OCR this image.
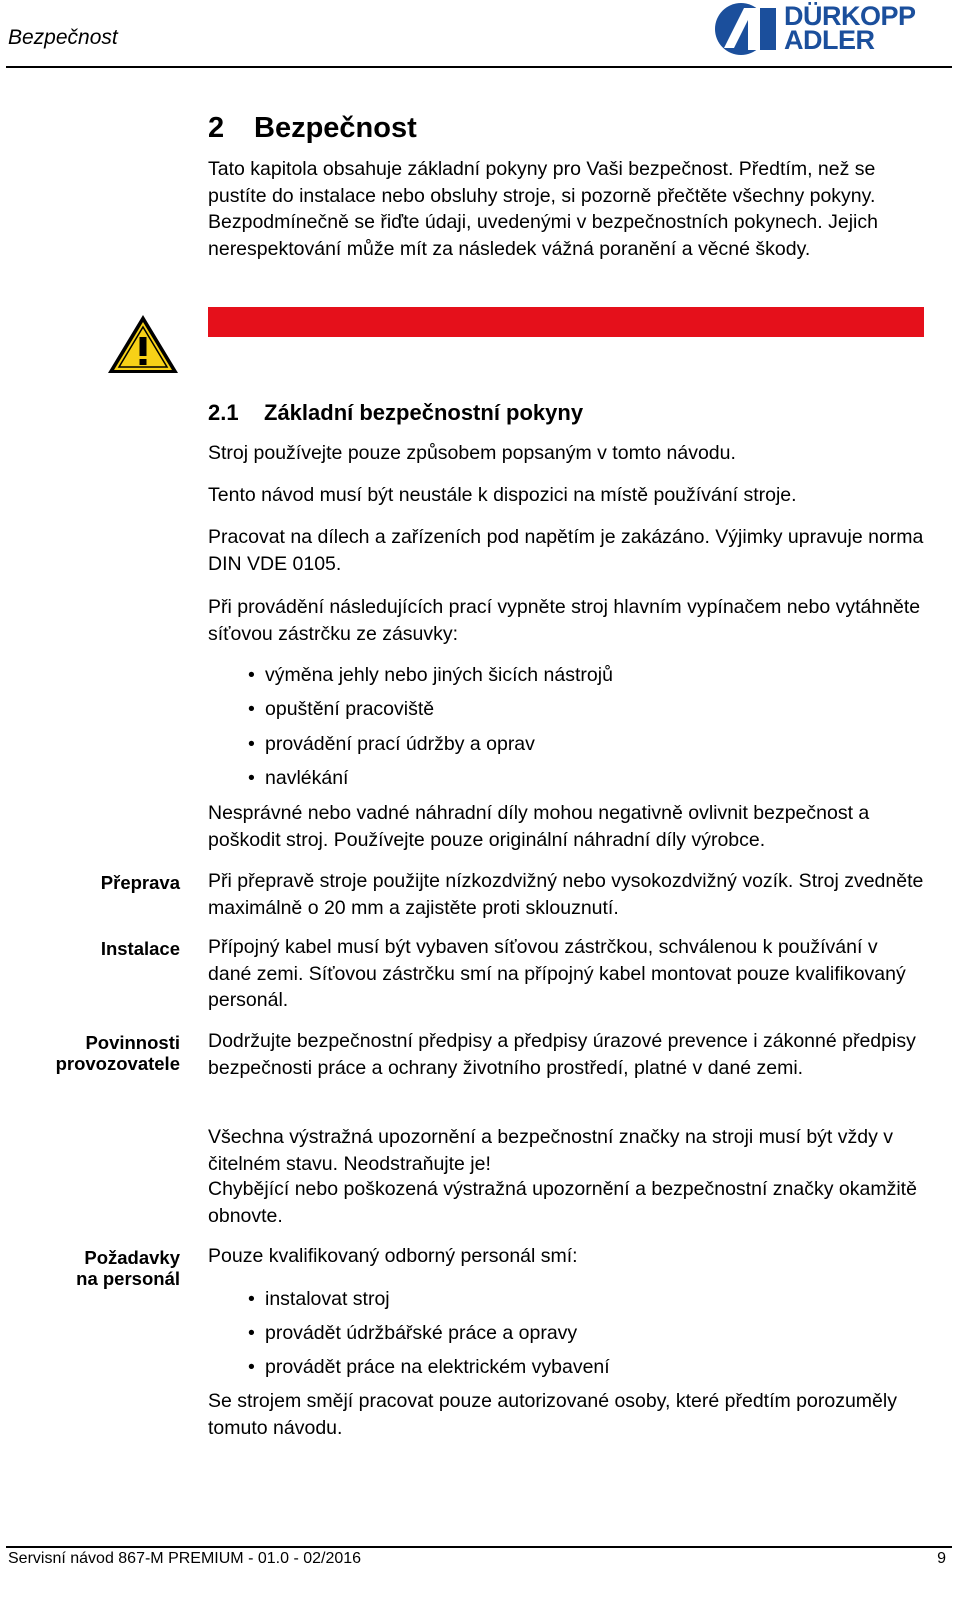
Bezpečnost
DÜRKOPP
ADLER
2 Bezpečnost
Tato kapitola obsahuje základní pokyny pro Vaši bezpečnost. Předtím, než se pustíte do instalace nebo obsluhy stroje, si pozorně přečtěte všechny pokyny. Bezpodmínečně se řiďte údaji, uvedenými v bezpečnostních pokynech. Jejich nerespektování může mít za následek vážná poranění a věcné škody.
2.1 Základní bezpečnostní pokyny
Stroj používejte pouze způsobem popsaným v tomto návodu.
Tento návod musí být neustále k dispozici na místě používání stroje.
Pracovat na dílech a zařízeních pod napětím je zakázáno. Výjimky upravuje norma DIN VDE 0105.
Při provádění následujících prací vypněte stroj hlavním vypínačem nebo vytáhněte síťovou zástrčku ze zásuvky:
• výměna jehly nebo jiných šicích nástrojů
• opuštění pracoviště
• provádění prací údržby a oprav
• navlékání
Nesprávné nebo vadné náhradní díly mohou negativně ovlivnit bezpečnost a poškodit stroj. Používejte pouze originální náhradní díly výrobce.
Přeprava Při přepravě stroje použijte nízkozdvižný nebo vysokozdvižný vozík. Stroj zvedněte maximálně o 20 mm a zajistěte proti sklouznutí.
Instalace Přípojný kabel musí být vybaven síťovou zástrčkou, schválenou k používání v dané zemi. Síťovou zástrčku smí na přípojný kabel montovat pouze kvalifikovaný personál.
Povinnosti
provozovatele
Dodržujte bezpečnostní předpisy a předpisy úrazové prevence i zákonné předpisy bezpečnosti práce a ochrany životního prostředí, platné v dané zemi.
Všechna výstražná upozornění a bezpečnostní značky na stroji musí být vždy v čitelném stavu. Neodstraňujte je!
Chybějící nebo poškozená výstražná upozornění a bezpečnostní značky okamžitě obnovte.
Požadavky
na personál
Pouze kvalifikovaný odborný personál smí:
• instalovat stroj
• provádět údržbářské práce a opravy
• provádět práce na elektrickém vybavení
Se strojem smějí pracovat pouze autorizované osoby, které předtím porozuměly tomuto návodu.
Servisní návod 867-M PREMIUM - 01.0 - 02/2016	9
